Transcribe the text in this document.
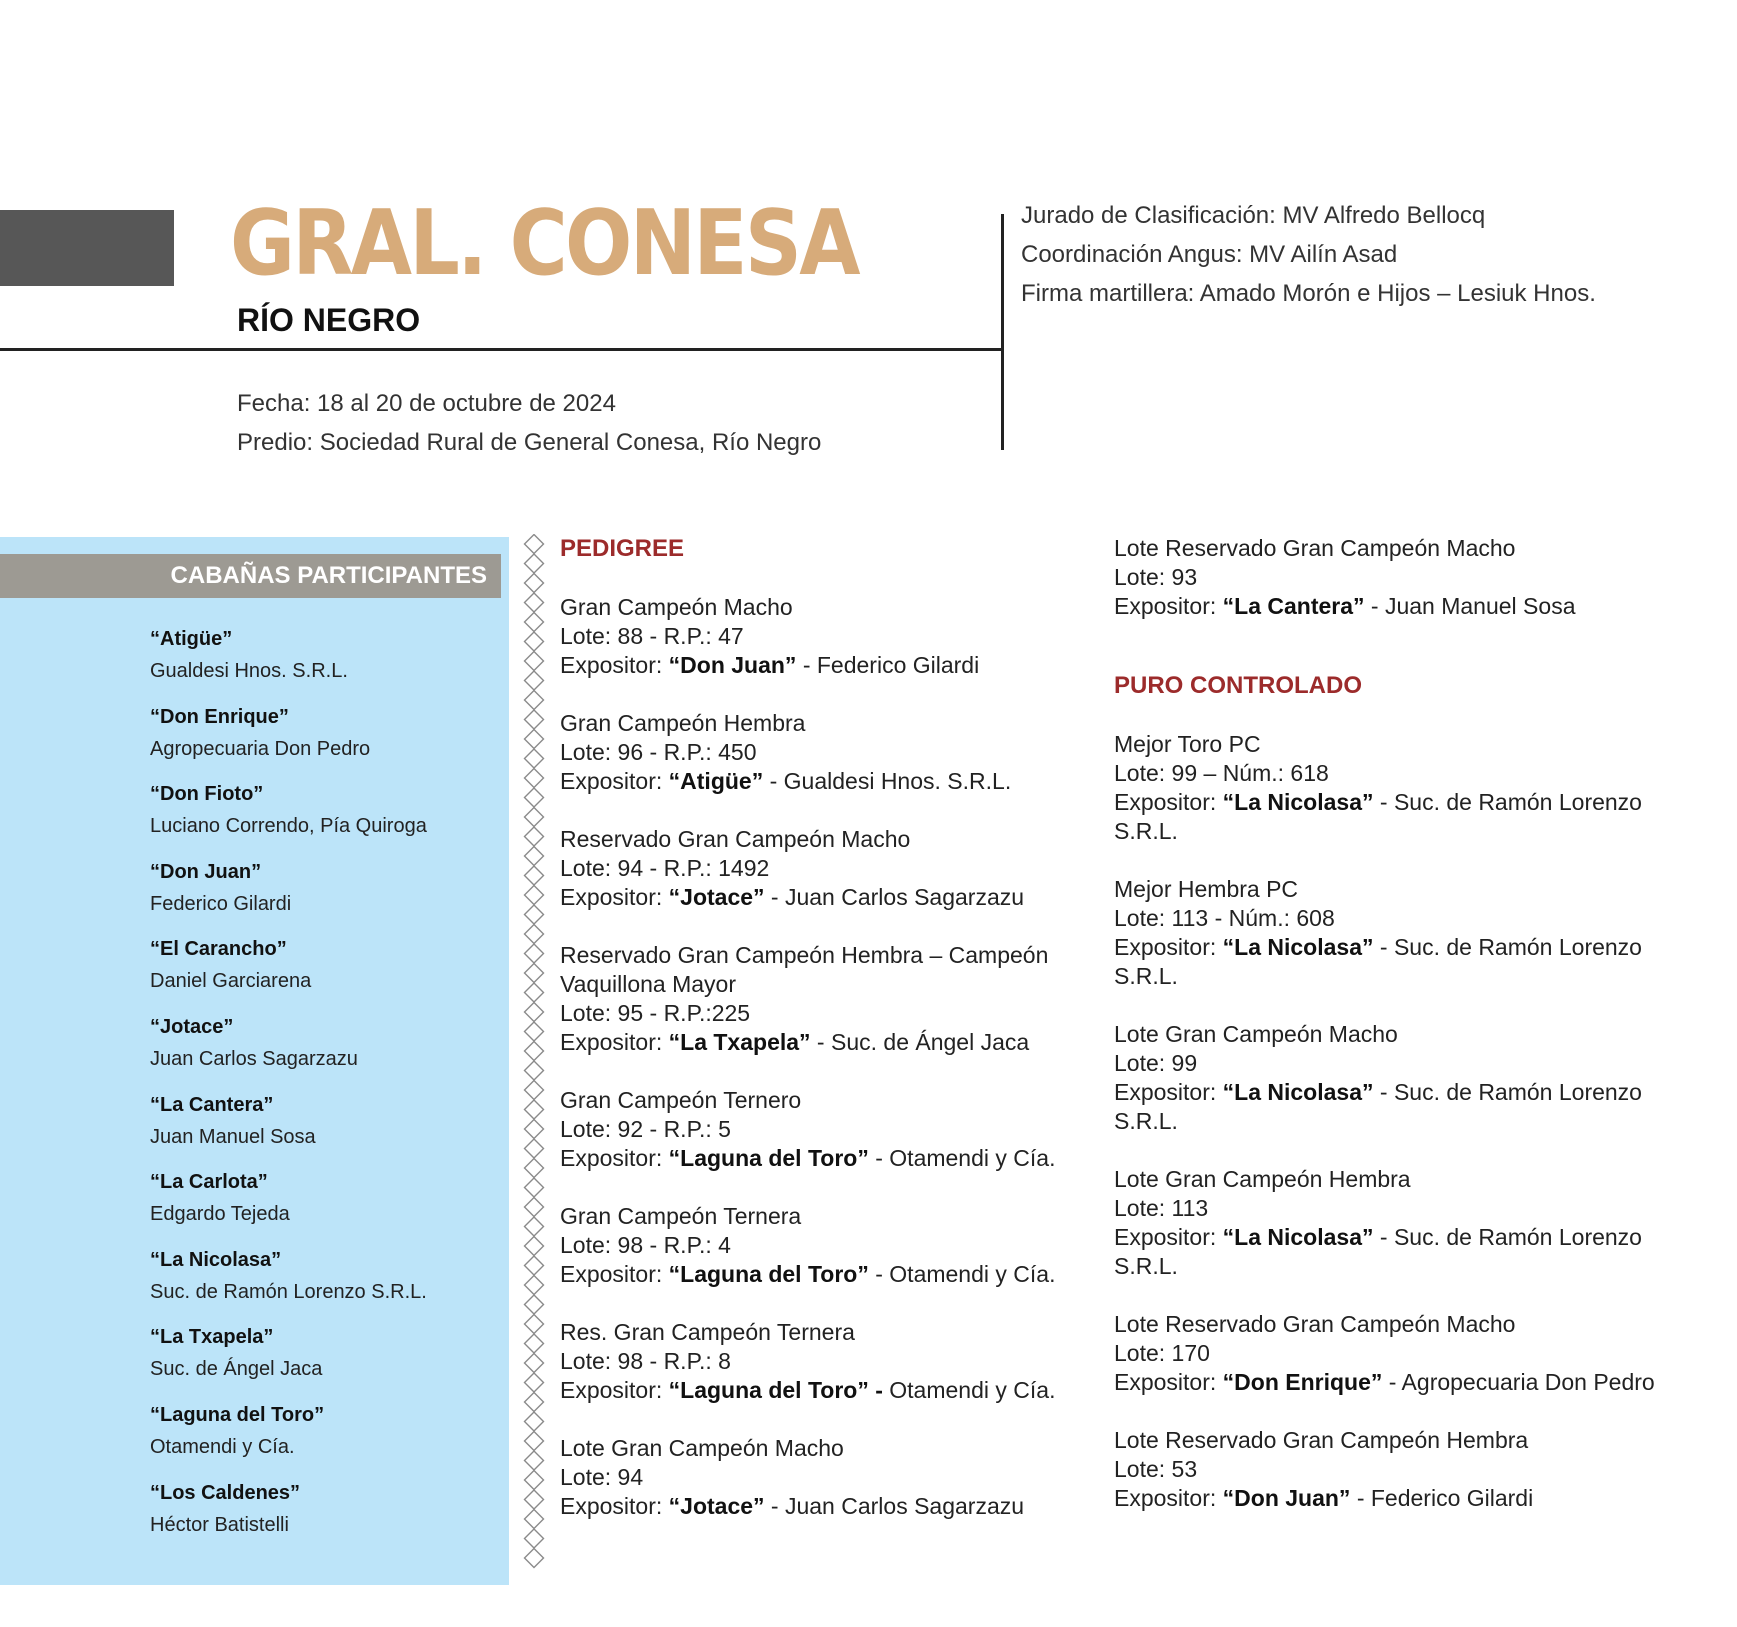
GRAL. CONESA
RÍO NEGRO

Fecha: 18 al 20 de octubre de 2024

Predio: Sociedad Rural de General Conesa, Río Negro

Jurado de Clasificación: MV Alfredo Bellocq

Coordinación Angus: MV Ailín Asad

Firma martillera: Amado Morón e Hijos – Lesiuk Hnos.

CABAÑAS PARTICIPANTES
“Atigüe”
Gualdesi Hnos. S.R.L.
“Don Enrique”
Agropecuaria Don Pedro
“Don Fioto”
Luciano Correndo, Pía Quiroga
“Don Juan”
Federico Gilardi
“El Carancho”
Daniel Garciarena
“Jotace”
Juan Carlos Sagarzazu
“La Cantera”
Juan Manuel Sosa
“La Carlota”
Edgardo Tejeda
“La Nicolasa”
Suc. de Ramón Lorenzo S.R.L.
“La Txapela”
Suc. de Ángel Jaca
“Laguna del Toro”
Otamendi y Cía.
“Los Caldenes”
Héctor Batistelli

PEDIGREE

Gran Campeón Macho
Lote: 88 - R.P.: 47
Expositor: “Don Juan” - Federico Gilardi
Gran Campeón Hembra
Lote: 96 - R.P.: 450
Expositor: “Atigüe” - Gualdesi Hnos. S.R.L.
Reservado Gran Campeón Macho
Lote: 94 - R.P.: 1492
Expositor: “Jotace” - Juan Carlos Sagarzazu
Reservado Gran Campeón Hembra – Campeón Vaquillona Mayor
Lote: 95 - R.P.:225
Expositor: “La Txapela” - Suc. de Ángel Jaca
Gran Campeón Ternero
Lote: 92 - R.P.: 5
Expositor: “Laguna del Toro” - Otamendi y Cía.
Gran Campeón Ternera
Lote: 98 - R.P.: 4
Expositor: “Laguna del Toro” - Otamendi y Cía.
Res. Gran Campeón Ternera
Lote: 98 - R.P.: 8
Expositor: “Laguna del Toro” - Otamendi y Cía.
Lote Gran Campeón Macho
Lote: 94
Expositor: “Jotace” - Juan Carlos Sagarzazu
Lote Reservado Gran Campeón Macho
Lote: 93
Expositor: “La Cantera” - Juan Manuel Sosa

PURO CONTROLADO

Mejor Toro PC
Lote: 99 – Núm.: 618
Expositor: “La Nicolasa” - Suc. de Ramón Lorenzo S.R.L.
Mejor Hembra PC
Lote: 113 - Núm.: 608
Expositor: “La Nicolasa” - Suc. de Ramón Lorenzo S.R.L.
Lote Gran Campeón Macho
Lote: 99
Expositor: “La Nicolasa” - Suc. de Ramón Lorenzo S.R.L.
Lote Gran Campeón Hembra
Lote: 113
Expositor: “La Nicolasa” - Suc. de Ramón Lorenzo S.R.L.
Lote Reservado Gran Campeón Macho
Lote: 170
Expositor: “Don Enrique” - Agropecuaria Don Pedro
Lote Reservado Gran Campeón Hembra
Lote: 53
Expositor: “Don Juan” - Federico Gilardi
